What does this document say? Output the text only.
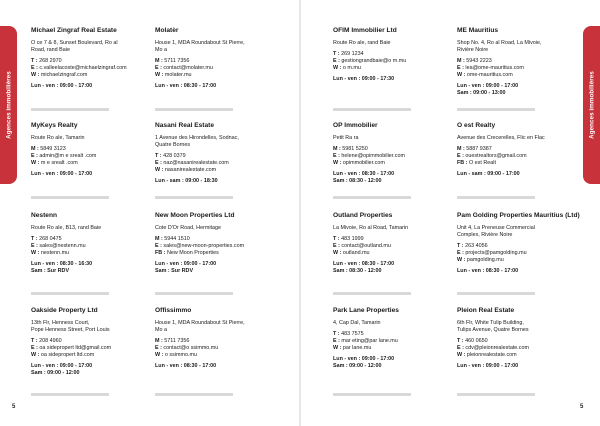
Agences immobilières	Agences immobilières
5	5
Michael Zingraf Real Estate
Ο ce 7 & 8, Sunset Boulevard, Ro al
Road, rand Baie
T : 268 2970
E : c.valleelacoste@michaelzingraf.com
W : michaelzingraf.com
Lun - ven : 09:00 - 17:00
Molatèr
House 1, MDA Roundabout St Pierre,
Mo a
M : 5711 7356
E : contact@molater.mu
W : molater.mu
Lun - ven : 08:30 - 17:00
MyKeys Realty
Route Ro ale, Tamarin
M : 5849 3123
E : admin@m e srealt .com
W : m e srealt .com
Lun - ven : 09:00 - 17:00
Nasani Real Estate
1 Avenue des Hirondelles, Sodnac,
Quatre Bornes
T : 428 0379
E : naz@nasanirealestate.com
W : nasanirealestate.com
Lun - sam : 09:00 - 18:30
Nestenn
Route Ro ale, B13, rand Baie
T : 268 0475
E : sales@nestenn.mu
W : nestenn.mu
Lun - ven : 08:30 - 16:30
Sam : Sur RDV
New Moon Properties Ltd
Cote D'Or Road, Hermitage
M : 5944 1510
E : sales@new-moon-properties.com
FB : New Moon Properties
Lun - ven : 09:00 - 17:00
Sam : Sur RDV
Oakside Property Ltd
13th Flr, Henness Court,
Pope Henness Street, Port Louis
T : 208 4960
E : oa sidepropert ltd@gmail.com
W : oa sidepropert ltd.com
Lun - ven : 09:00 - 17:00
Sam : 09:00 - 12:00
Offissimmo
House 1, MDA Roundabout St Pierre,
Mo a
M : 5711 7356
E : contact@o ssimmo.mu
W : o ssimmo.mu
Lun - ven : 08:30 - 17:00
OFIM Immobilier Ltd
Route Ro ale, rand Baie
T : 269 1234
E : gestiongrandbaie@o m.mu
W : o m.mu
Lun - ven : 09:00 - 17:30
ME Mauritius
Shop No. 4, Ro al Road, La Mivoie,
Rivière Noire
M : 5943 2223
E : lea@ome-mauritius.com
W : ome-mauritius.com
Lun - ven : 09:00 - 17:00
Sam : 09:00 - 13:00
OP Immobilier
Petit Ra ra
M : 5981 5250
E : helene@opimmobilier.com
W : opimmobilier.com
Lun - ven : 08:30 - 17:00
Sam : 08:30 - 12:00
O est Realty
Avenue des Crecerelles, Flic en Flac
M : 5887 9387
E : ouestrealtors@gmail.com
FB : O est Realt
Lun - sam : 09:00 - 17:00
Outland Properties
La Mivoie, Ro al Road, Tamarin
T : 483 1999
E : contact@outland.mu
W : outland.mu
Lun - ven : 08:30 - 17:00
Sam : 08:30 - 12:00
Pam Golding Properties Mauritius (Ltd)
Unit 4, La Preneuse Commercial
Complex, Rivière Noire
T : 263 4056
E : projects@pamgolding.mu
W : pamgolding.mu
Lun - ven : 08:30 - 17:00
Park Lane Properties
4, Cap Dal, Tamarin
T : 483 7575
E : mar eting@par lane.mu
W : par lane.mu
Lun - ven : 09:00 - 17:00
Sam : 09:00 - 12:00
Pleion Real Estate
6th Flr, White Tulip Building,
Tulips Avenue, Quatre Bornes
T : 460 0650
E : cdv@pleionrealestate.com
W : pleionrealestate.com
Lun - ven : 09:00 - 17:00
